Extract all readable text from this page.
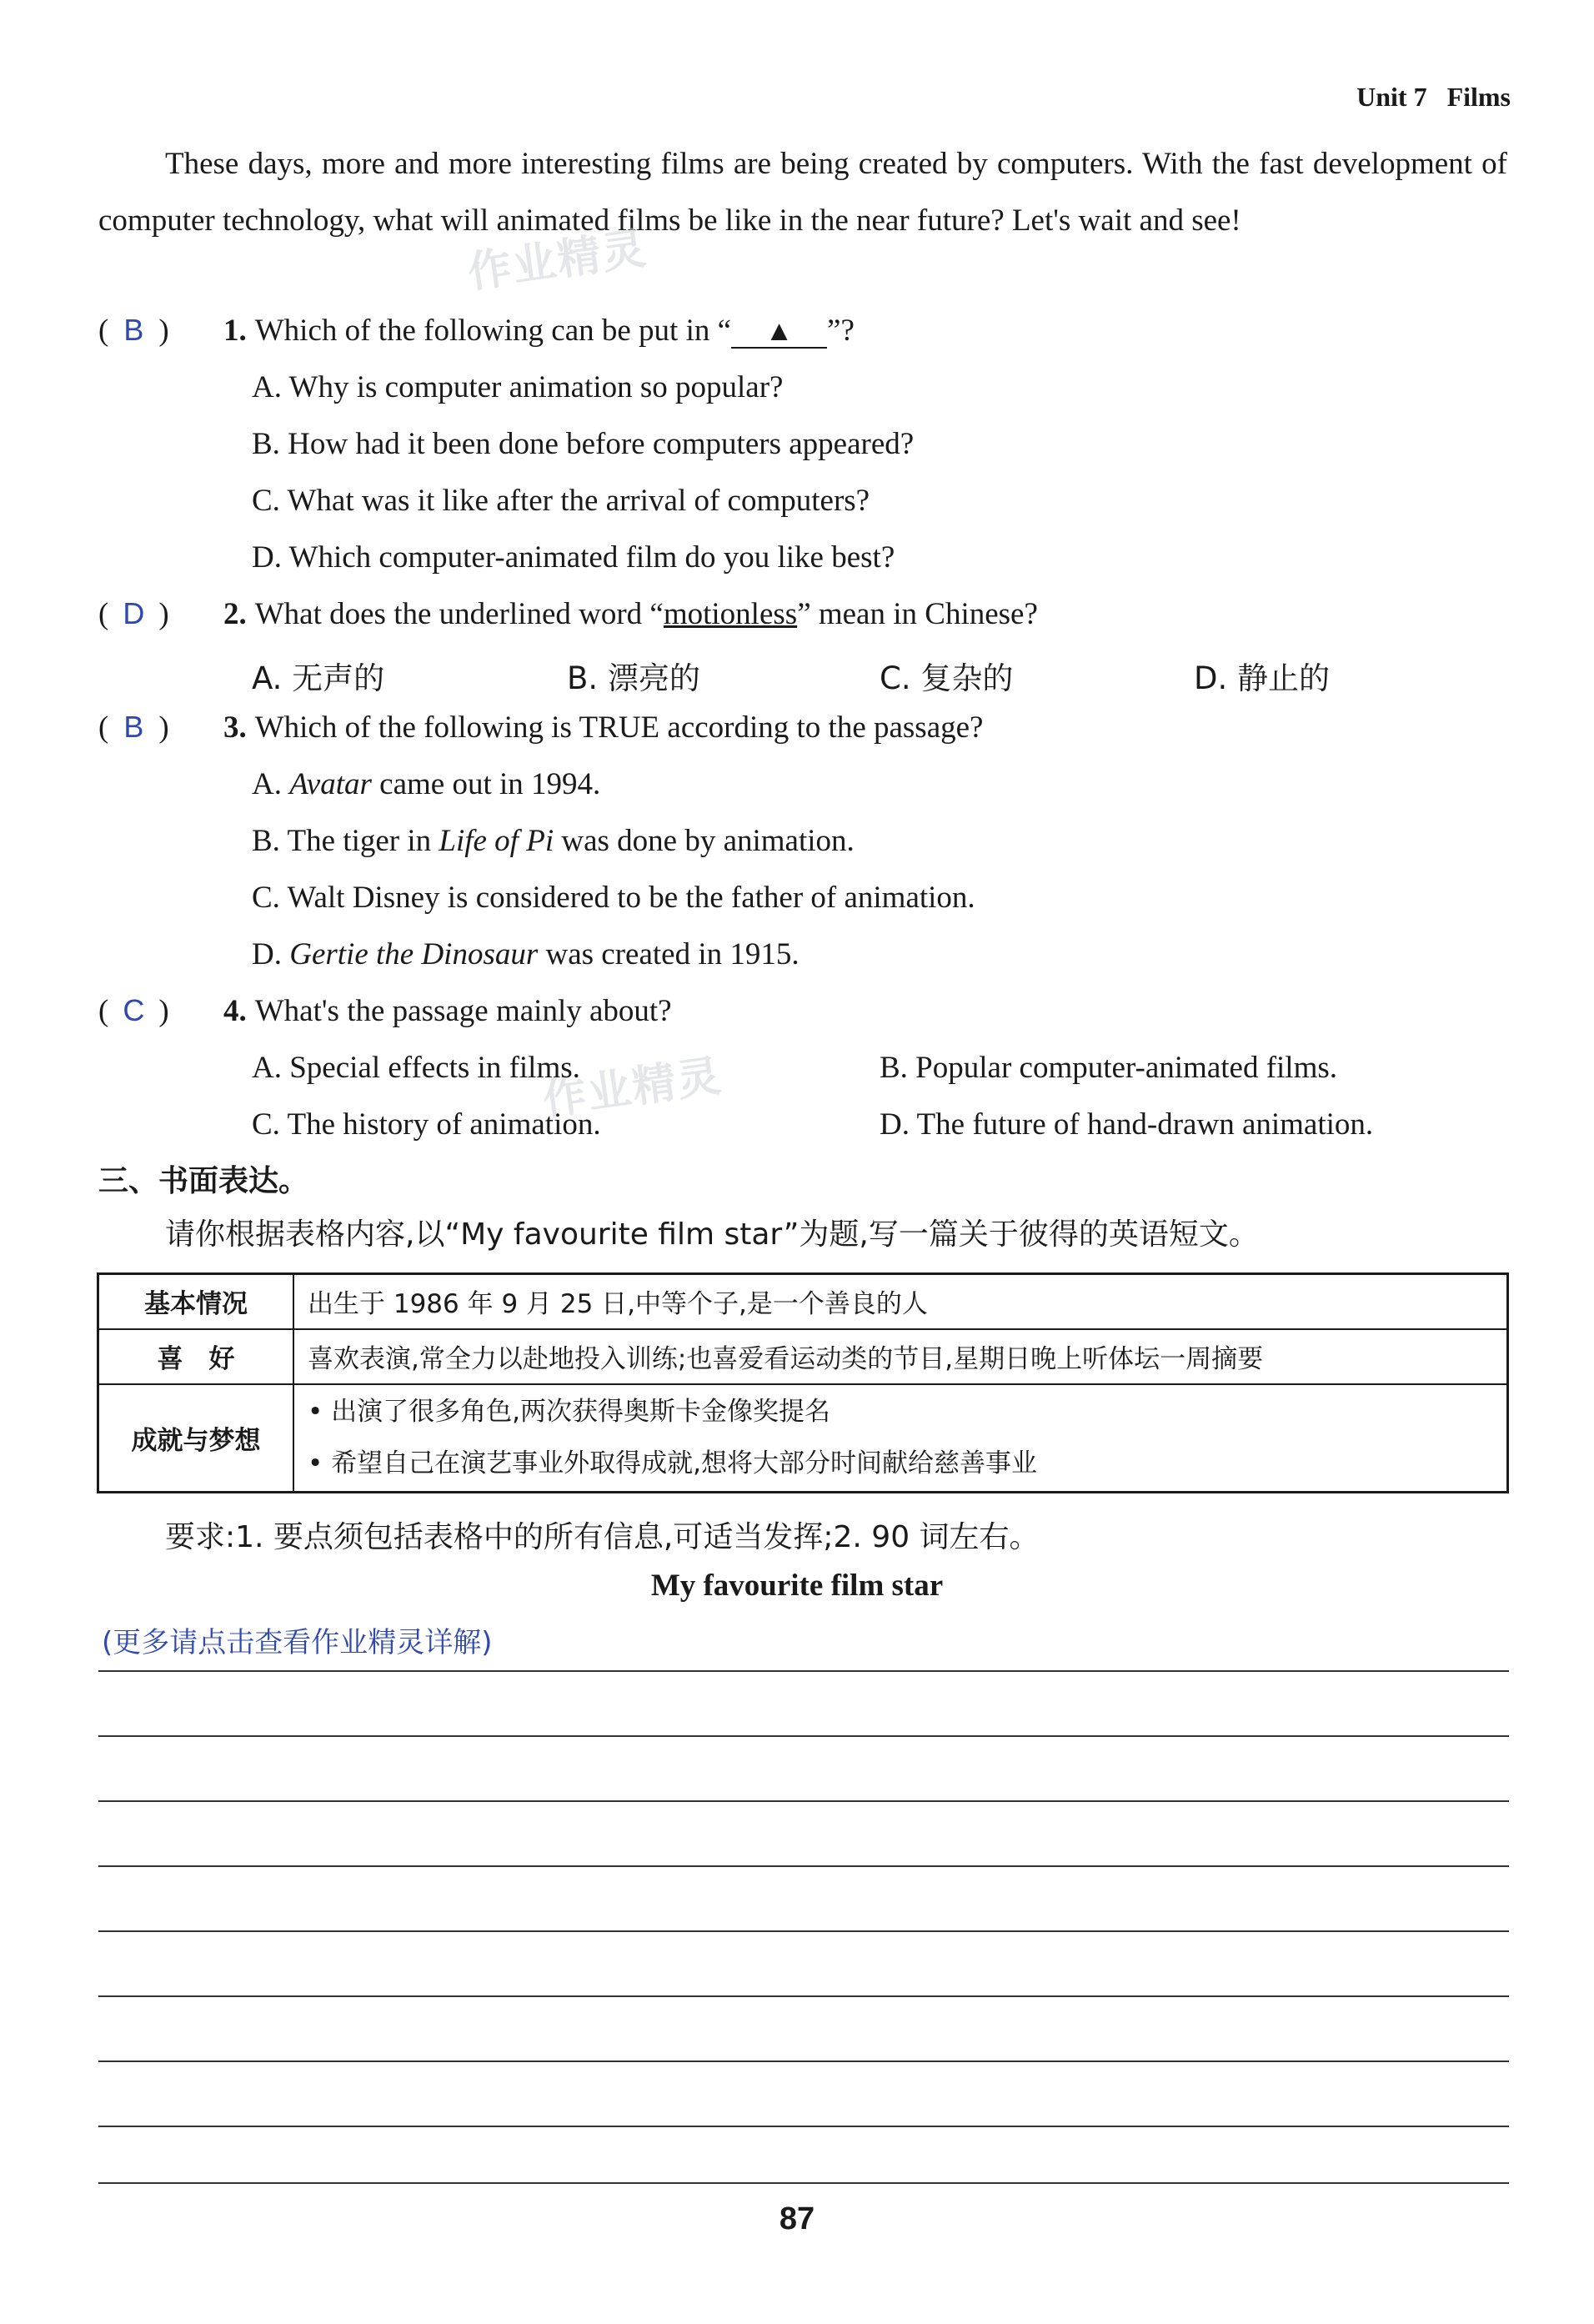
Unit 7 Films
These days, more and more interesting films are being created by computers. With the fast development of computer technology, what will animated films be like in the near future? Let's wait and see!
作业精灵
作业精灵
( B ) 1. Which of the following can be put in “ ▲ ”?
A. Why is computer animation so popular?
B. How had it been done before computers appeared?
C. What was it like after the arrival of computers?
D. Which computer-animated film do you like best?
( D ) 2. What does the underlined word “motionless” mean in Chinese?
A. 无声的	B. 漂亮的	C. 复杂的	D. 静止的
( B ) 3. Which of the following is TRUE according to the passage?
A. Avatar came out in 1994.
B. The tiger in Life of Pi was done by animation.
C. Walt Disney is considered to be the father of animation.
D. Gertie the Dinosaur was created in 1915.
( C ) 4. What's the passage mainly about?
A. Special effects in films.	B. Popular computer-animated films.
C. The history of animation.	D. The future of hand-drawn animation.
三、书面表达。
请你根据表格内容,以“My favourite film star”为题,写一篇关于彼得的英语短文。
基本情况	出生于 1986 年 9 月 25 日,中等个子,是一个善良的人
喜　好	喜欢表演,常全力以赴地投入训练;也喜爱看运动类的节目,星期日晚上听体坛一周摘要
成就与梦想	• 出演了很多角色,两次获得奥斯卡金像奖提名
• 希望自己在演艺事业外取得成就,想将大部分时间献给慈善事业
要求:1. 要点须包括表格中的所有信息,可适当发挥;2. 90 词左右。
My favourite film star
(更多请点击查看作业精灵详解)
87
